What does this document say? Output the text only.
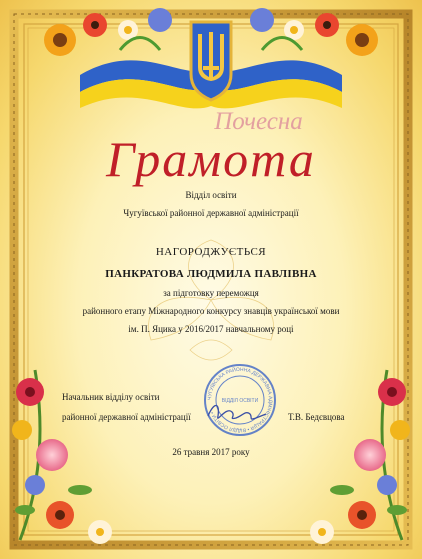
ЧУГУЇВСЬКА РАЙОННА ДЕРЖАВНА АДМІНІСТРАЦІЯ • ВІДДІЛ ОСВІТИ •
ВІДДІЛ ОСВІТИ
Почесна
Грамота
Відділ освіти
Чугуївської районної державної адміністрації
НАГОРОДЖУЄТЬСЯ
ПАНКРАТОВА ЛЮДМИЛА ПАВЛІВНА
за підготовку переможця
районного етапу Міжнародного конкурсу знавців української мови
ім. П. Яцика у 2016/2017 навчальному році
Начальник відділу освіти
районної державної адміністрації	Т.В. Бедєвцова
26 травня 2017 року
